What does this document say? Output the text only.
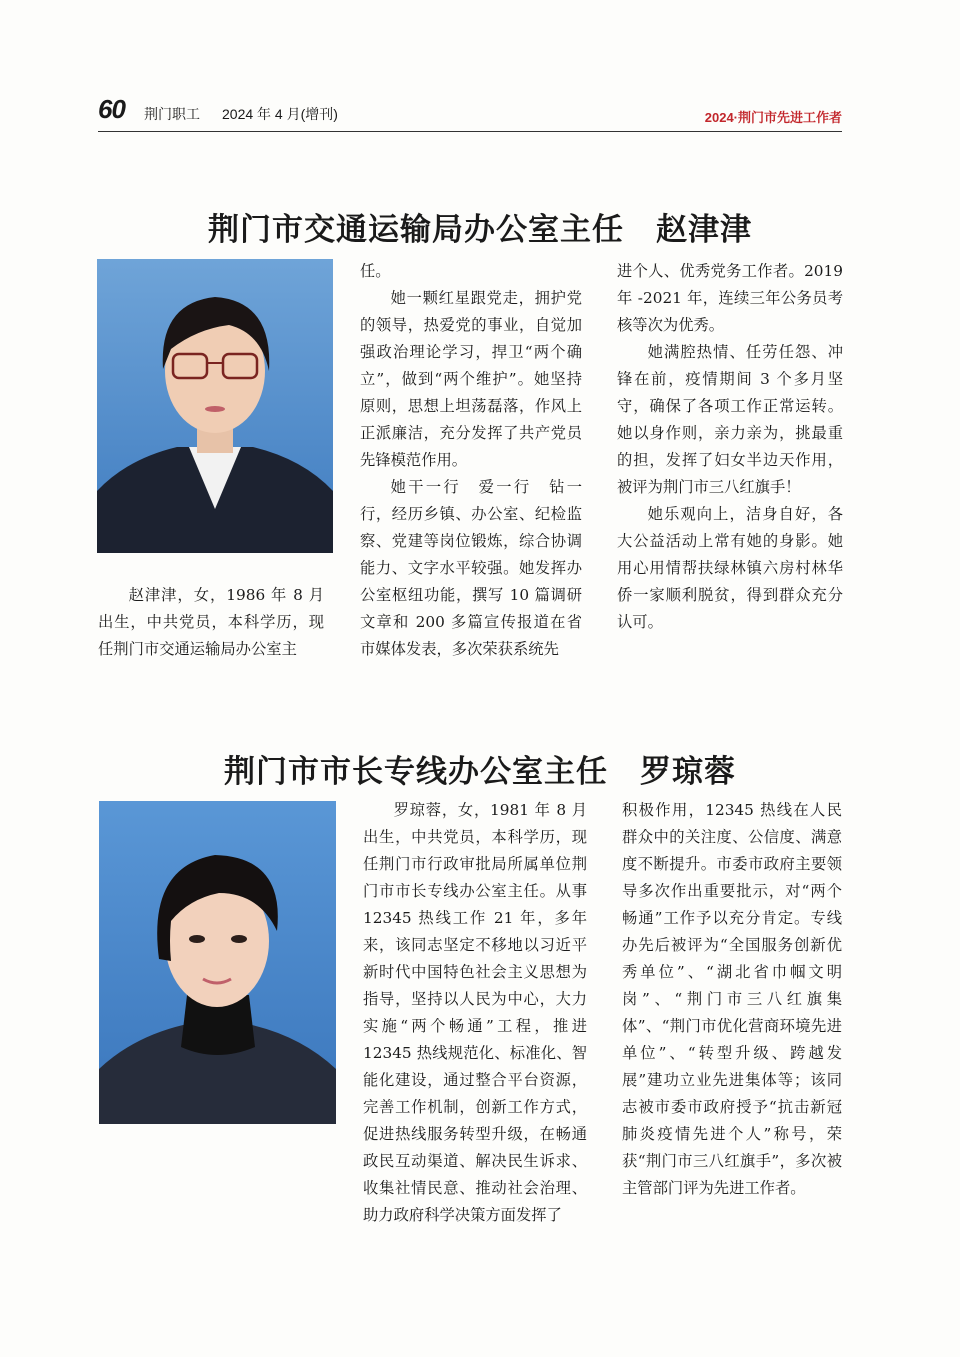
60 荆门职工 2024 年 4 月(增刊)	2024·荆门市先进工作者
荆门市交通运输局办公室主任　赵津津

赵津津，女，1986 年 8 月出生，中共党员，本科学历，现任荆门市交通运输局办公室主

任。

她一颗红星跟党走，拥护党的领导，热爱党的事业，自觉加强政治理论学习，捍卫“两个确立”，做到“两个维护”。她坚持原则，思想上坦荡磊落，作风上正派廉洁，充分发挥了共产党员先锋模范作用。

她干一行　爱一行　钻一行，经历乡镇、办公室、纪检监察、党建等岗位锻炼，综合协调能力、文字水平较强。她发挥办公室枢纽功能，撰写 10 篇调研文章和 200 多篇宣传报道在省市媒体发表，多次荣获系统先

进个人、优秀党务工作者。2019 年 -2021 年，连续三年公务员考核等次为优秀。

她满腔热情、任劳任怨、冲锋在前，疫情期间 3 个多月坚守，确保了各项工作正常运转。她以身作则，亲力亲为，挑最重的担，发挥了妇女半边天作用，被评为荆门市三八红旗手！

她乐观向上，洁身自好，各大公益活动上常有她的身影。她用心用情帮扶绿林镇六房村林华侨一家顺利脱贫，得到群众充分认可。

荆门市市长专线办公室主任　罗琼蓉

罗琼蓉，女，1981 年 8 月出生，中共党员，本科学历，现任荆门市行政审批局所属单位荆门市市长专线办公室主任。从事 12345 热线工作 21 年，多年来，该同志坚定不移地以习近平新时代中国特色社会主义思想为指导，坚持以人民为中心，大力实施“两个畅通”工程，推进 12345 热线规范化、标准化、智能化建设，通过整合平台资源，完善工作机制，创新工作方式，促进热线服务转型升级，在畅通政民互动渠道、解决民生诉求、收集社情民意、推动社会治理、助力政府科学决策方面发挥了

积极作用，12345 热线在人民群众中的关注度、公信度、满意度不断提升。市委市政府主要领导多次作出重要批示，对“两个畅通”工作予以充分肯定。专线办先后被评为“全国服务创新优秀单位”、“湖北省巾帼文明岗”、“荆门市三八红旗集体”、“荆门市优化营商环境先进单位”、“转型升级、跨越发展”建功立业先进集体等；该同志被市委市政府授予“抗击新冠肺炎疫情先进个人”称号，荣获“荆门市三八红旗手”，多次被主管部门评为先进工作者。
